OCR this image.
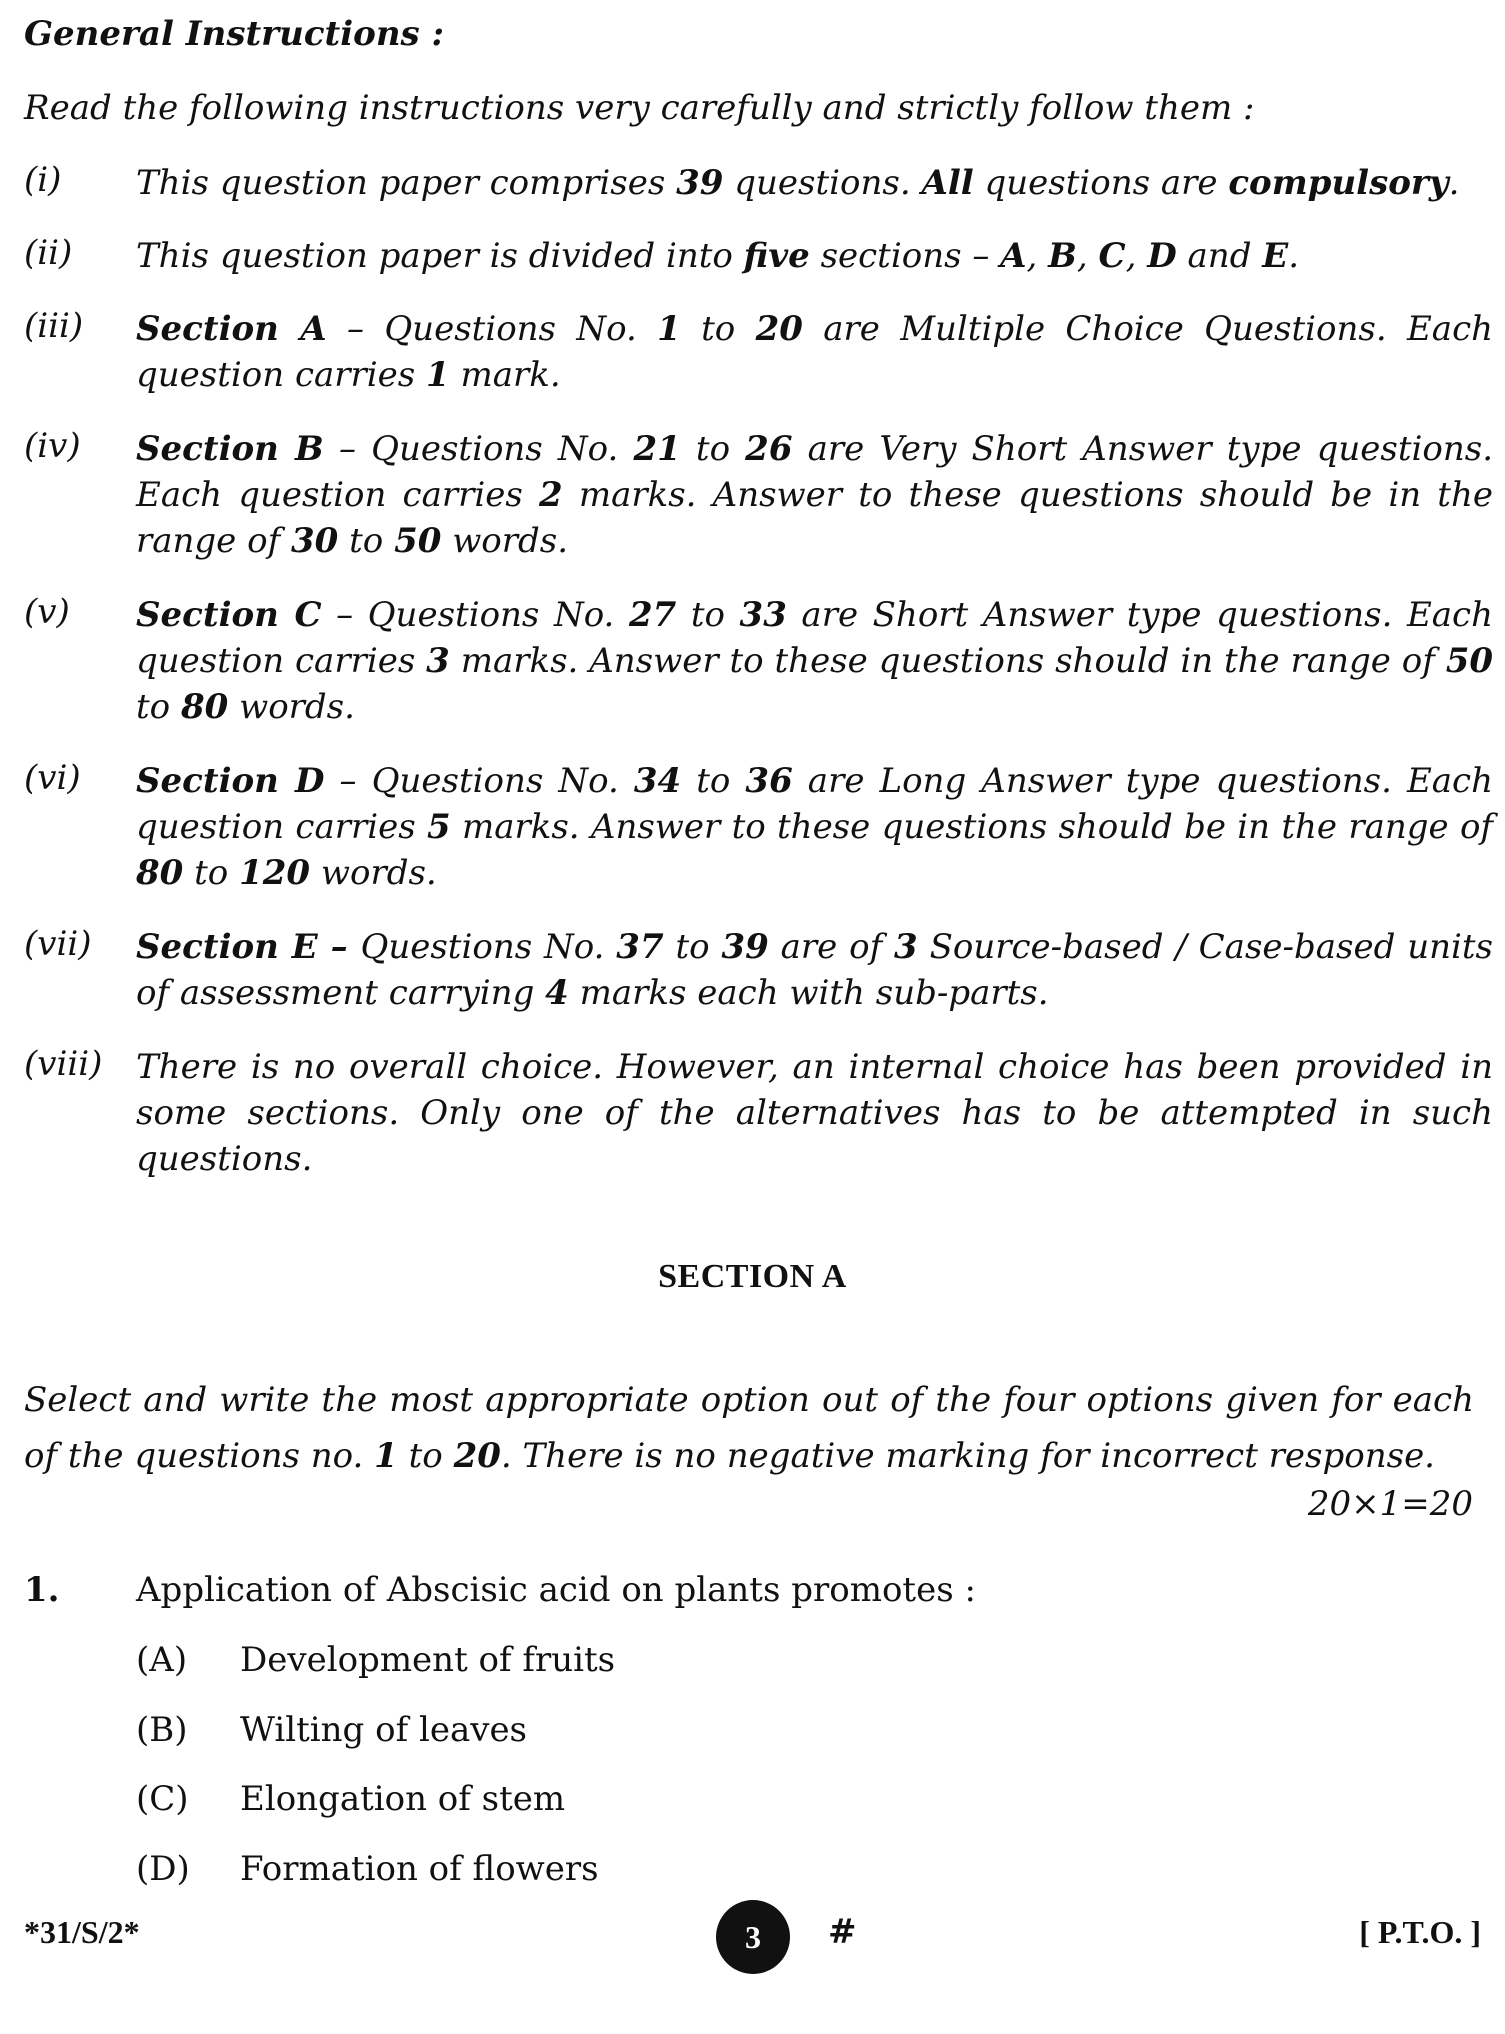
General Instructions :
Read the following instructions very carefully and strictly follow them :
(i) This question paper comprises 39 questions. All questions are compulsory.
(ii) This question paper is divided into five sections – A, B, C, D and E.
(iii) Section A – Questions No. 1 to 20 are Multiple Choice Questions. Each question carries 1 mark.
(iv) Section B – Questions No. 21 to 26 are Very Short Answer type questions. Each question carries 2 marks. Answer to these questions should be in the range of 30 to 50 words.
(v) Section C – Questions No. 27 to 33 are Short Answer type questions. Each question carries 3 marks. Answer to these questions should in the range of 50 to 80 words.
(vi) Section D – Questions No. 34 to 36 are Long Answer type questions. Each question carries 5 marks. Answer to these questions should be in the range of 80 to 120 words.
(vii) Section E – Questions No. 37 to 39 are of 3 Source-based / Case-based units of assessment carrying 4 marks each with sub-parts.
(viii) There is no overall choice. However, an internal choice has been provided in some sections. Only one of the alternatives has to be attempted in such questions.
SECTION A
Select and write the most appropriate option out of the four options given for each of the questions no. 1 to 20. There is no negative marking for incorrect response.
20×1=20
1. Application of Abscisic acid on plants promotes :
(A) Development of fruits
(B) Wilting of leaves
(C) Elongation of stem
(D) Formation of flowers
*31/S/2*	3 #	[ P.T.O. ]
